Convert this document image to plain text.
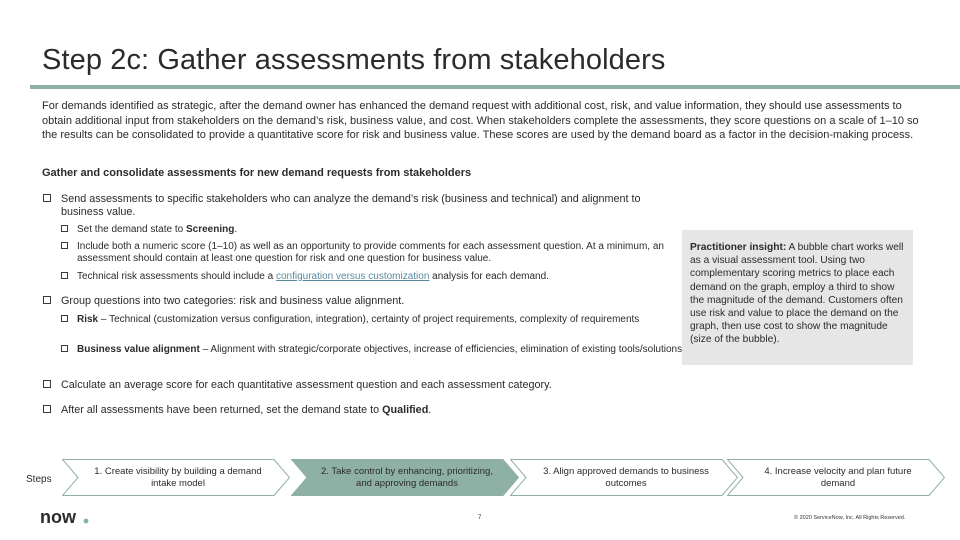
Step 2c: Gather assessments from stakeholders

For demands identified as strategic, after the demand owner has enhanced the demand request with additional cost, risk, and value information, they should use assessments to obtain additional input from stakeholders on the demand’s risk, business value, and cost. When stakeholders complete the assessments, they score questions on a scale of 1–10 so the results can be consolidated to provide a quantitative score for risk and business value. These scores are used by the demand board as a factor in the decision-making process.

Gather and consolidate assessments for new demand requests from stakeholders

Send assessments to specific stakeholders who can analyze the demand’s risk (business and technical) and alignment to business value.
Set the demand state to Screening.
Include both a numeric score (1–10) as well as an opportunity to provide comments for each assessment question. At a minimum, an assessment should contain at least one question for risk and one question for business value.
Technical risk assessments should include a configuration versus customization analysis for each demand.
Group questions into two categories: risk and business value alignment.
Risk – Technical (customization versus configuration, integration), certainty of project requirements, complexity of requirements
Business value alignment – Alignment with strategic/corporate objectives, increase of efficiencies, elimination of existing tools/solutions
Calculate an average score for each quantitative assessment question and each assessment category.
After all assessments have been returned, set the demand state to Qualified.
Practitioner insight: A bubble chart works well as a visual assessment tool. Using two complementary scoring metrics to place each demand on the graph, employ a third to show the magnitude of the demand. Customers often use risk and value to place the demand on the graph, then use cost to show the magnitude (size of the bubble).
Steps
1. Create visibility by building a demand intake model
2. Take control by enhancing, prioritizing, and approving demands
3. Align approved demands to business outcomes
4. Increase velocity and plan future demand
now	7	© 2020 ServiceNow, Inc. All Rights Reserved.
